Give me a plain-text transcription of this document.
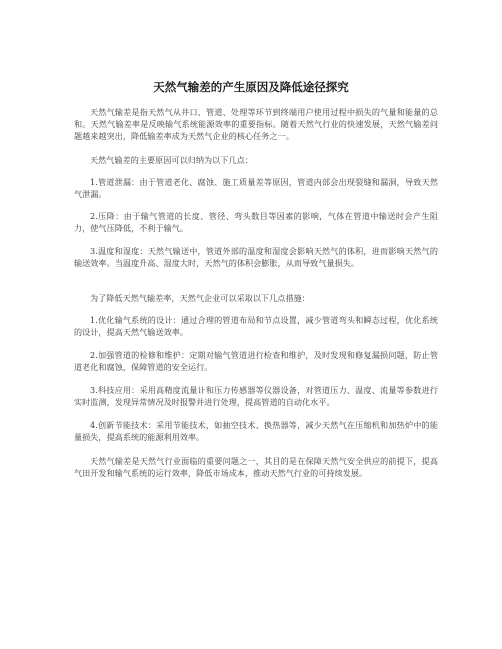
天然气输差的产生原因及降低途径探究

天然气输差是指天然气从井口、管道、处理等环节到终端用户使用过程中损失的气量和能量的总和。天然气输差率是反映输气系统能源效率的重要指标。随着天然气行业的快速发展，天然气输差问题越来越突出，降低输差率成为天然气企业的核心任务之一。

天然气输差的主要原因可以归纳为以下几点：

1.管道泄漏：由于管道老化、腐蚀、施工质量差等原因，管道内部会出现裂缝和漏洞，导致天然气泄漏。

2.压降：由于输气管道的长度、管径、弯头数目等因素的影响，气体在管道中输送时会产生阻力，使气压降低，不利于输气。

3.温度和湿度：天然气输送中，管道外部的温度和湿度会影响天然气的体积，进而影响天然气的输送效率。当温度升高、湿度大时，天然气的体积会膨胀，从而导致气量损失。

为了降低天然气输差率，天然气企业可以采取以下几点措施：

1.优化输气系统的设计：通过合理的管道布局和节点设置，减少管道弯头和瞬态过程，优化系统的设计，提高天然气输送效率。

2.加强管道的检修和维护：定期对输气管道进行检查和维护，及时发现和修复漏损问题，防止管道老化和腐蚀，保障管道的安全运行。

3.科技应用：采用高精度流量计和压力传感器等仪器设备，对管道压力、温度、流量等参数进行实时监测，发现异常情况及时报警并进行处理，提高管道的自动化水平。

4.创新节能技术：采用节能技术，如抽空技术、换热器等，减少天然气在压缩机和加热炉中的能量损失，提高系统的能源利用效率。

天然气输差是天然气行业面临的重要问题之一，其目的是在保障天然气安全供应的前提下，提高气田开发和输气系统的运行效率，降低市场成本，推动天然气行业的可持续发展。
